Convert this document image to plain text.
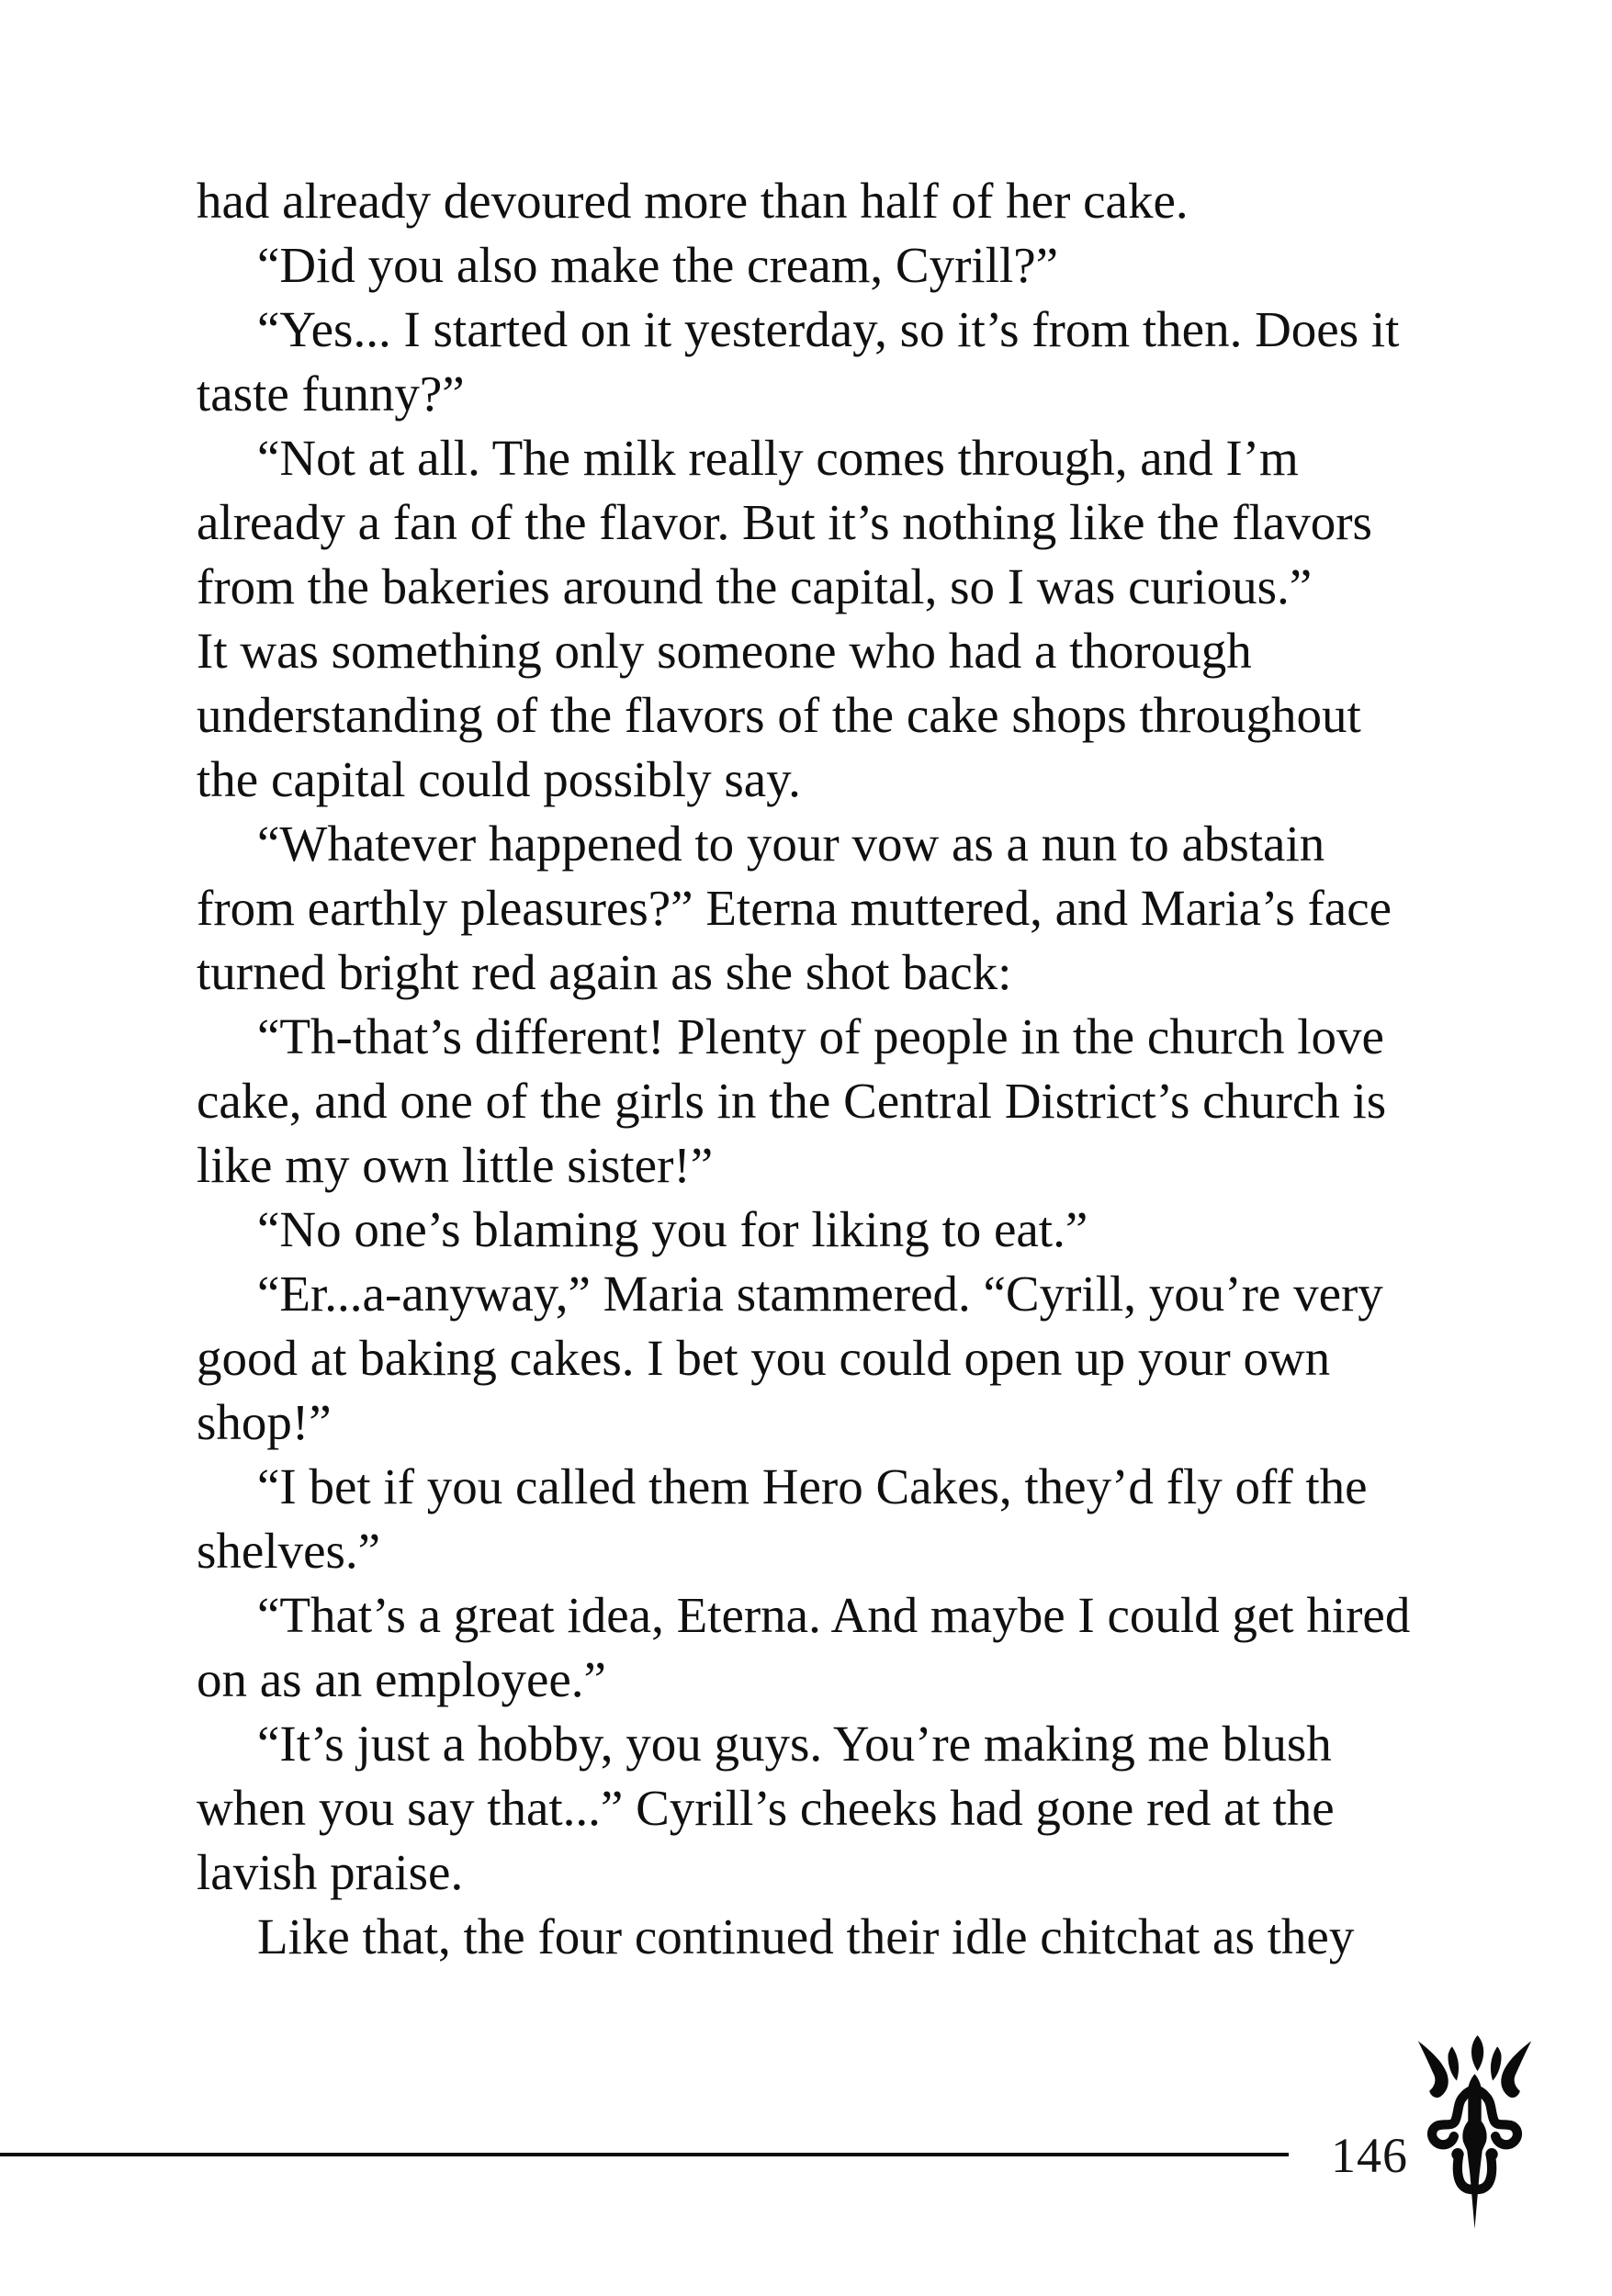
had already devoured more than half of her cake.

“Did you also make the cream, Cyrill?”

“Yes... I started on it yesterday, so it’s from then. Does it
taste funny?”

“Not at all. The milk really comes through, and I’m
already a fan of the flavor. But it’s nothing like the flavors
from the bakeries around the capital, so I was curious.”

It was something only someone who had a thorough
understanding of the flavors of the cake shops throughout
the capital could possibly say.

“Whatever happened to your vow as a nun to abstain
from earthly pleasures?” Eterna muttered, and Maria’s face
turned bright red again as she shot back:

“Th-that’s different! Plenty of people in the church love
cake, and one of the girls in the Central District’s church is
like my own little sister!”

“No one’s blaming you for liking to eat.”

“Er...a-anyway,” Maria stammered. “Cyrill, you’re very
good at baking cakes. I bet you could open up your own
shop!”

“I bet if you called them Hero Cakes, they’d fly off the
shelves.”

“That’s a great idea, Eterna. And maybe I could get hired
on as an employee.”

“It’s just a hobby, you guys. You’re making me blush
when you say that...” Cyrill’s cheeks had gone red at the
lavish praise.

Like that, the four continued their idle chitchat as they

146
